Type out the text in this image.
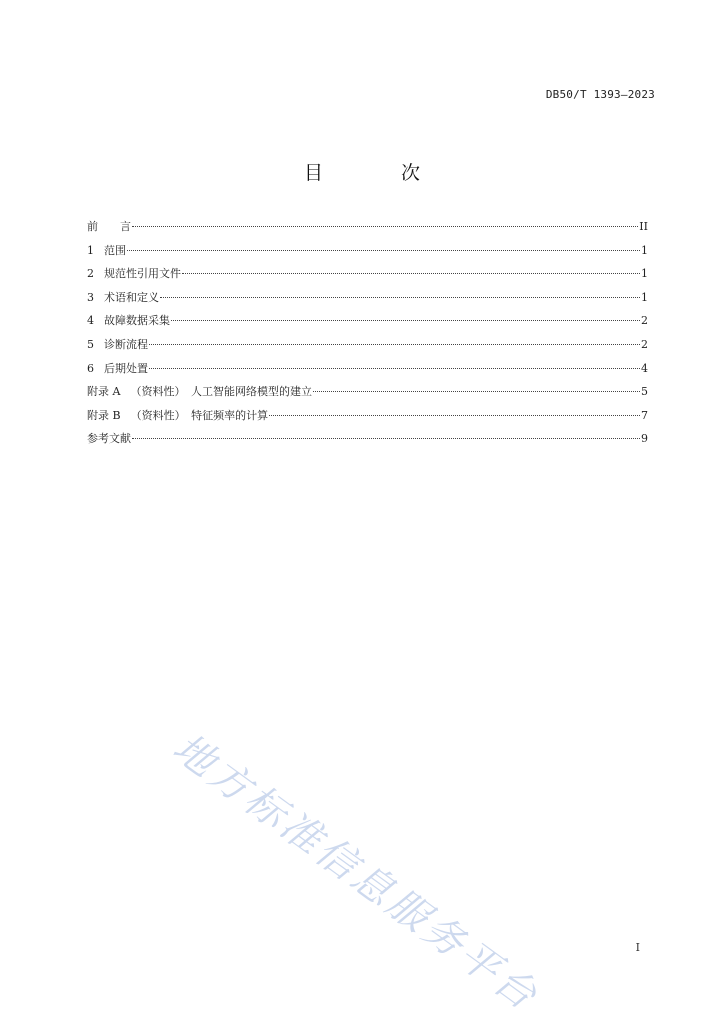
DB50/T 1393—2023
目 次
前　　言	II
1 范围	1
2 规范性引用文件	1
3 术语和定义	1
4 故障数据采集	2
5 诊断流程	2
6 后期处置	4
附录 A （资料性）　人工智能网络模型的建立	5
附录 B （资料性）　特征频率的计算	7
参考文献	9
地方标准信息服务平台	I
